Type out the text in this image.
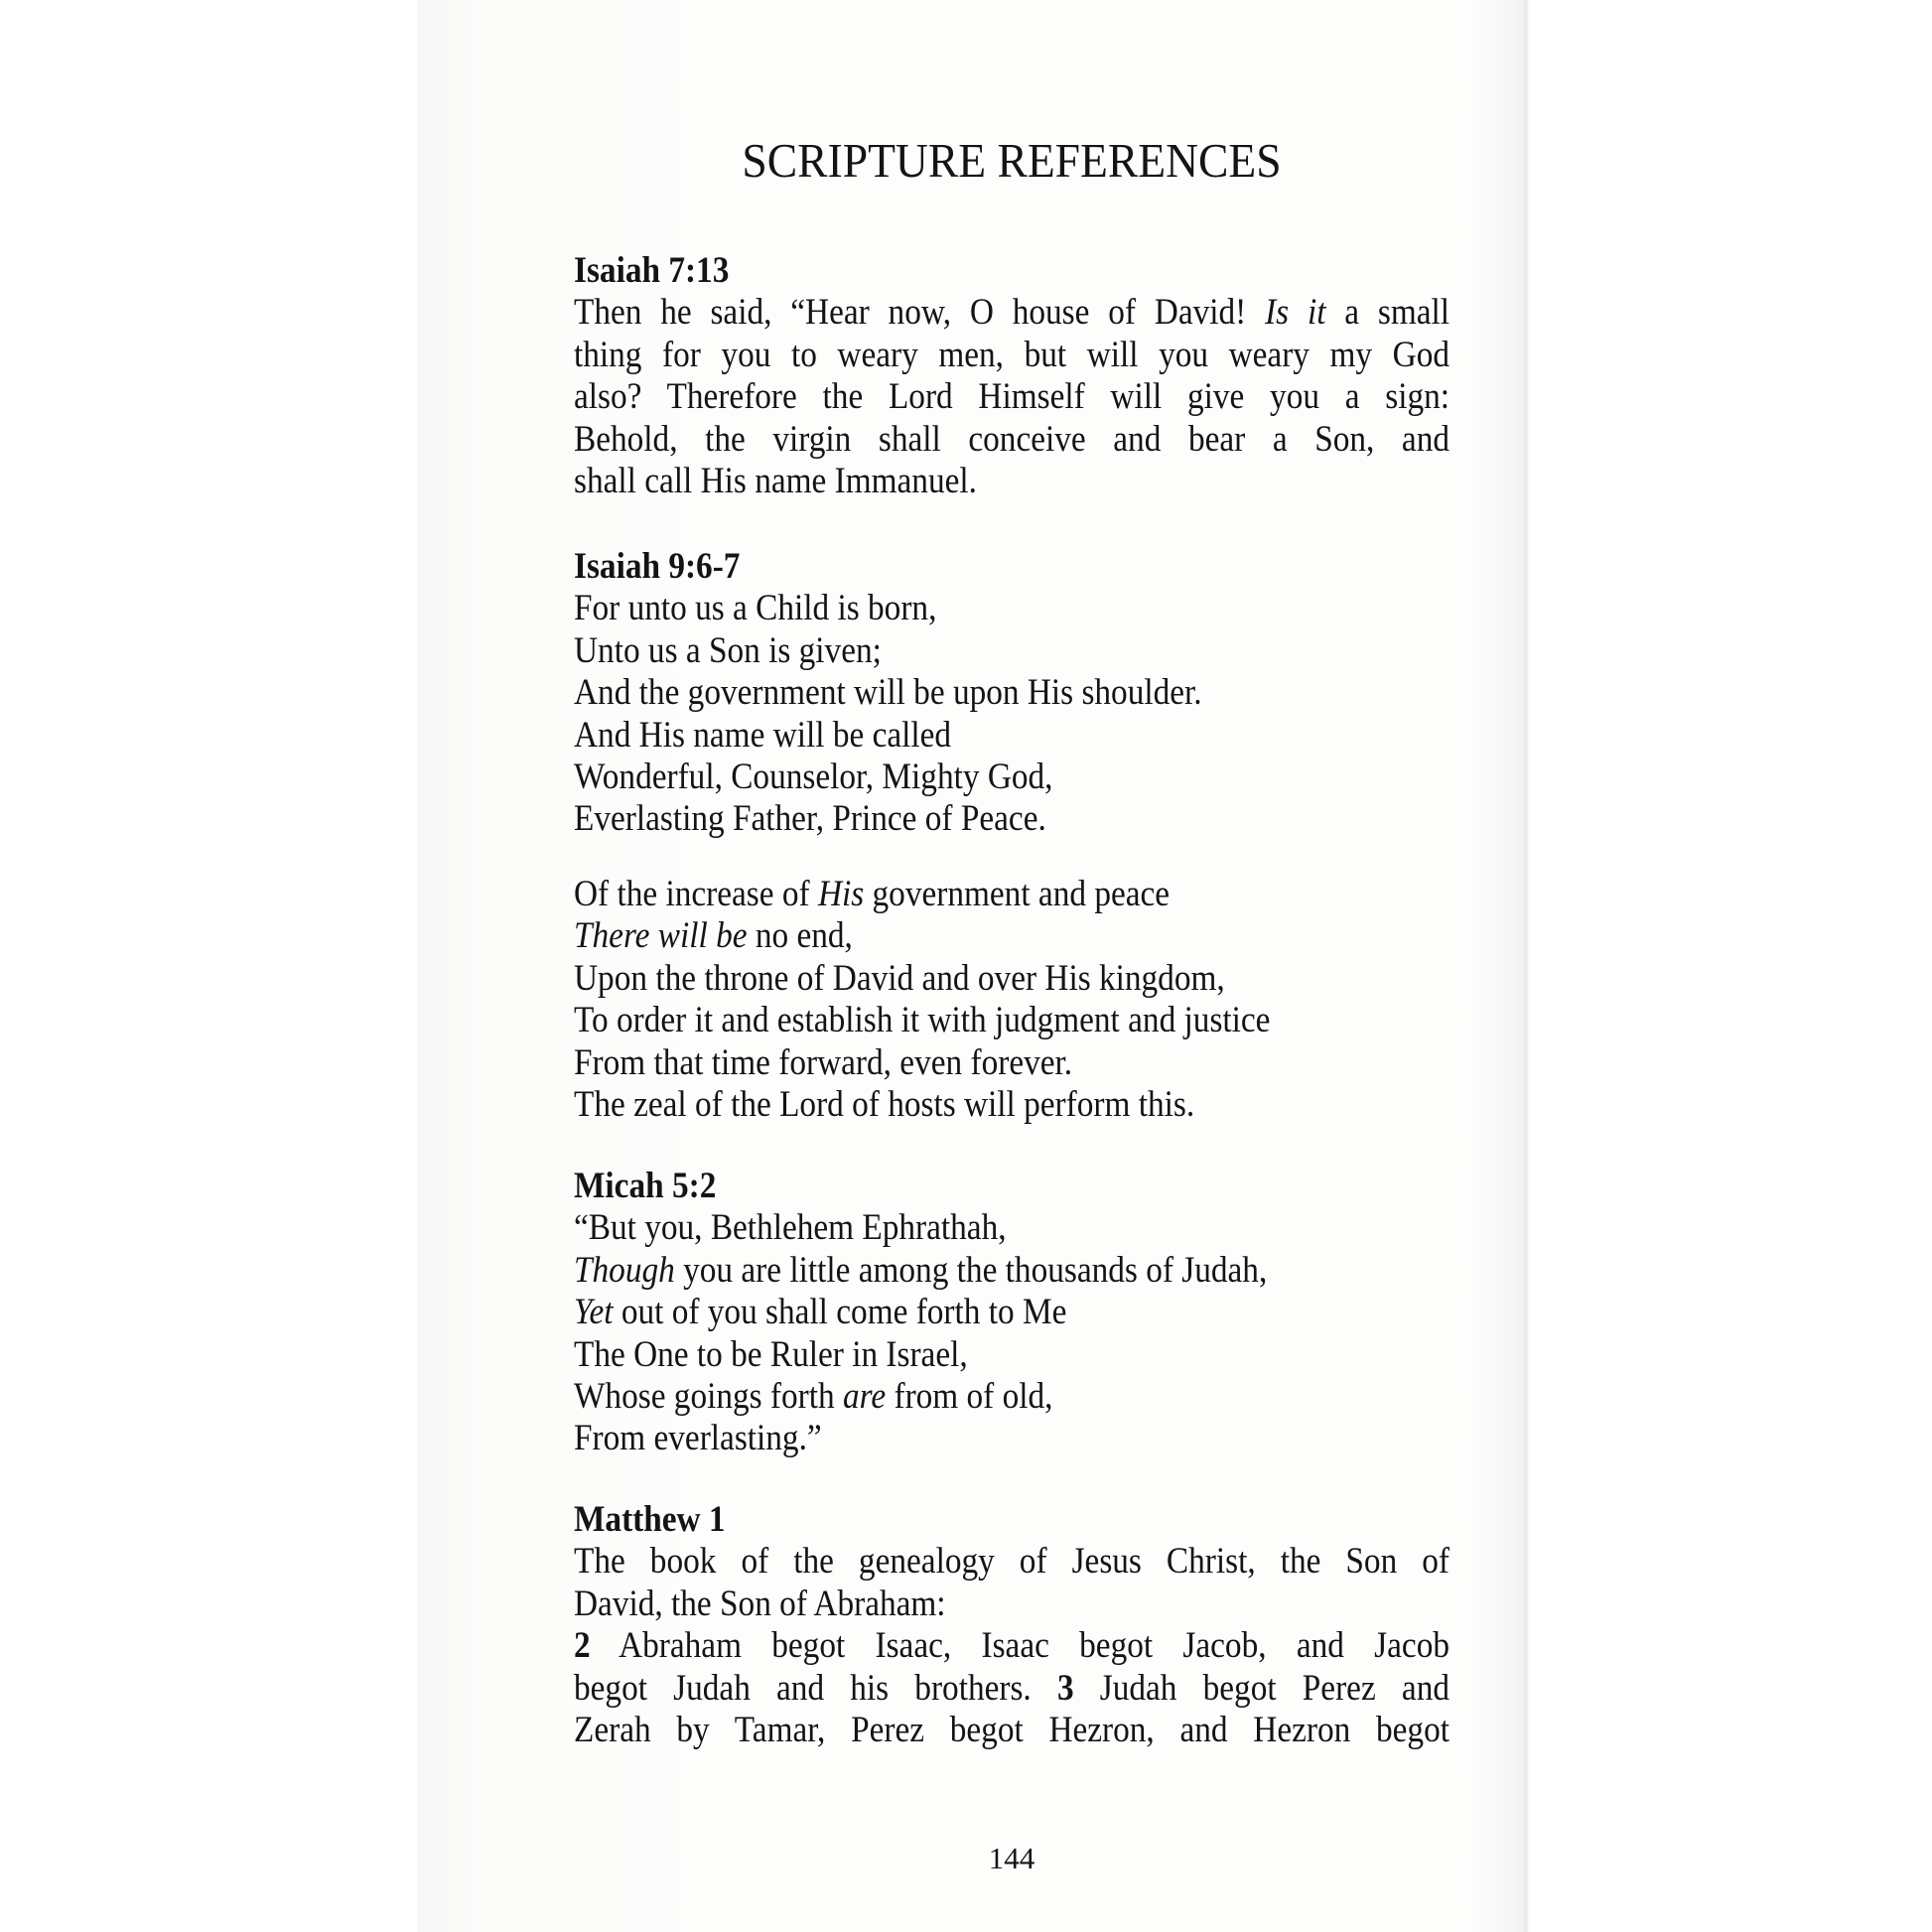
SCRIPTURE REFERENCES
Isaiah 7:13
Then he said, “Hear now, O house of David! Is it a small
thing for you to weary men, but will you weary my God
also? Therefore the Lord Himself will give you a sign:
Behold, the virgin shall conceive and bear a Son, and
shall call His name Immanuel.
Isaiah 9:6-7
For unto us a Child is born,
Unto us a Son is given;
And the government will be upon His shoulder.
And His name will be called
Wonderful, Counselor, Mighty God,
Everlasting Father, Prince of Peace.
Of the increase of His government and peace
There will be no end,
Upon the throne of David and over His kingdom,
To order it and establish it with judgment and justice
From that time forward, even forever.
The zeal of the Lord of hosts will perform this.
Micah 5:2
“But you, Bethlehem Ephrathah,
Though you are little among the thousands of Judah,
Yet out of you shall come forth to Me
The One to be Ruler in Israel,
Whose goings forth are from of old,
From everlasting.”
Matthew 1
The book of the genealogy of Jesus Christ, the Son of
David, the Son of Abraham:
2 Abraham begot Isaac, Isaac begot Jacob, and Jacob
begot Judah and his brothers. 3 Judah begot Perez and
Zerah by Tamar, Perez begot Hezron, and Hezron begot
144
